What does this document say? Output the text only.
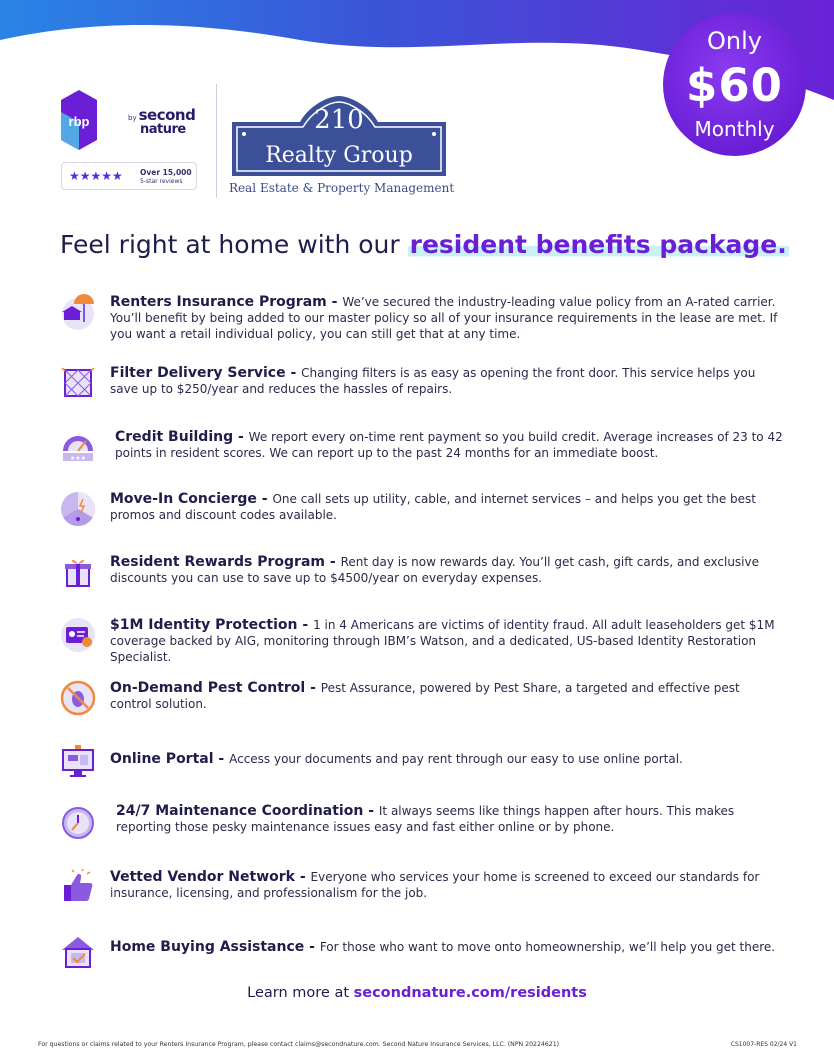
Only
$60
Monthly
rbp	by second
nature
★★★★★ Over 15,000
5-star reviews
210
Realty Group
Real Estate & Property Management
Feel right at home with our resident benefits package.
Renters Insurance Program - We’ve secured the industry-leading value policy from an A-rated carrier. You’ll benefit by being added to our master policy so all of your insurance requirements in the lease are met. If you want a retail individual policy, you can still get that at any time.
Filter Delivery Service - Changing filters is as easy as opening the front door. This service helps you save up to $250/year and reduces the hassles of repairs.
★★★
Credit Building - We report every on-time rent payment so you build credit. Average increases of 23 to 42 points in resident scores. We can report up to the past 24 months for an immediate boost.
Move-In Concierge - One call sets up utility, cable, and internet services – and helps you get the best promos and discount codes available.
Resident Rewards Program - Rent day is now rewards day. You’ll get cash, gift cards, and exclusive discounts you can use to save up to $4500/year on everyday expenses.
$1M Identity Protection - 1 in 4 Americans are victims of identity fraud. All adult leaseholders get $1M coverage backed by AIG, monitoring through IBM’s Watson, and a dedicated, US-based Identity Restoration Specialist.
On-Demand Pest Control - Pest Assurance, powered by Pest Share, a targeted and effective pest control solution.
Online Portal - Access your documents and pay rent through our easy to use online portal.
24/7 Maintenance Coordination - It always seems like things happen after hours. This makes reporting those pesky maintenance issues easy and fast either online or by phone.
Vetted Vendor Network - Everyone who services your home is screened to exceed our standards for insurance, licensing, and professionalism for the job.
Home Buying Assistance - For those who want to move onto homeownership, we’ll help you get there.
Learn more at secondnature.com/residents
For questions or claims related to your Renters Insurance Program, please contact claims@secondnature.com. Second Nature Insurance Services, LLC. (NPN 20224621)	CS1007-RES 02/24 V1
